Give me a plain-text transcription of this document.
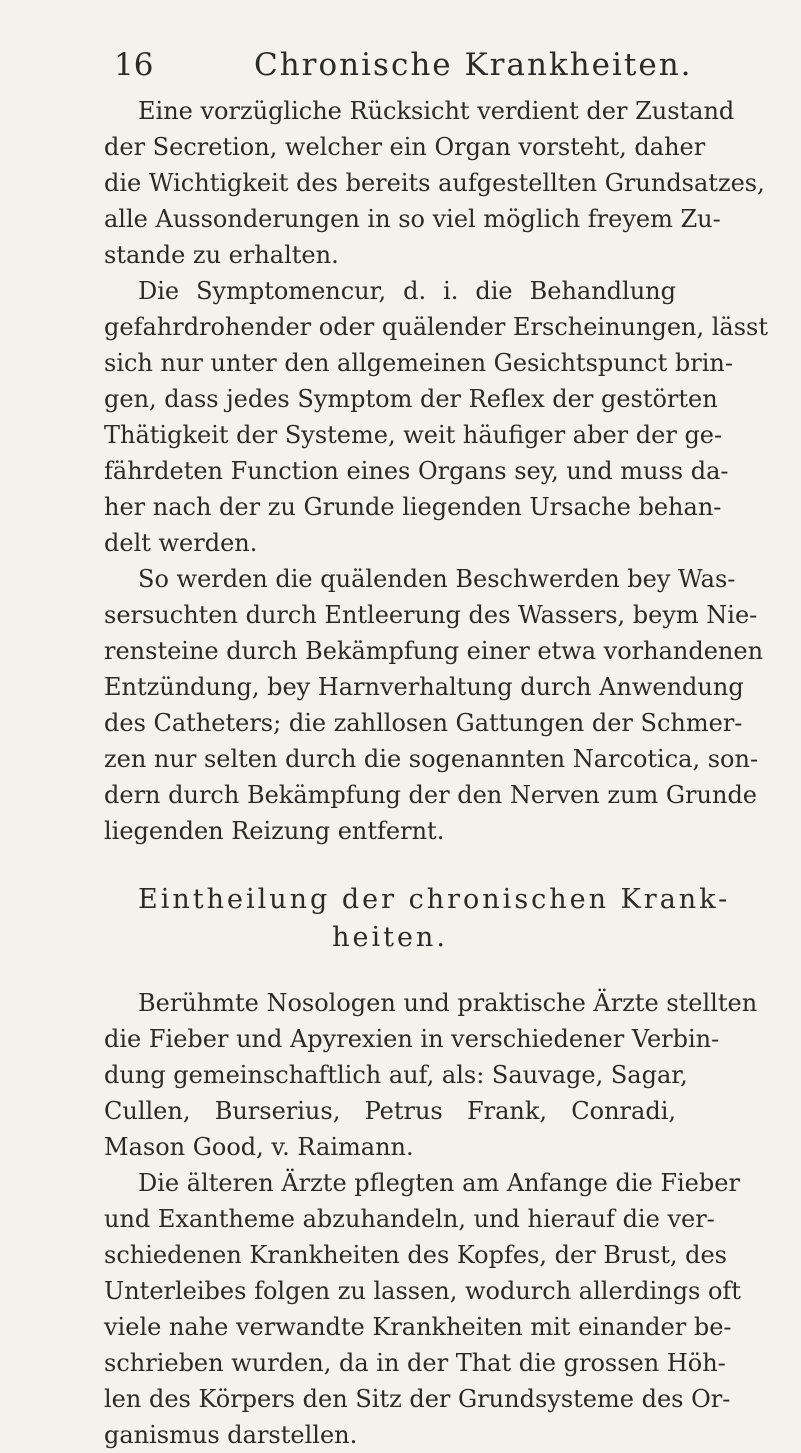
16	Chronische Krankheiten.
Eine vorzügliche Rücksicht verdient der Zustand
der Secretion, welcher ein Organ vorsteht, daher
die Wichtigkeit des bereits aufgestellten Grundsatzes,
alle Aussonderungen in so viel möglich freyem Zu-
stande zu erhalten.
Die Symptomencur, d. i. die Behandlung
gefahrdrohender oder quälender Erscheinungen, lässt
sich nur unter den allgemeinen Gesichtspunct brin-
gen, dass jedes Symptom der Reflex der gestörten
Thätigkeit der Systeme, weit häufiger aber der ge-
fährdeten Function eines Organs sey, und muss da-
her nach der zu Grunde liegenden Ursache behan-
delt werden.
So werden die quälenden Beschwerden bey Was-
sersuchten durch Entleerung des Wassers, beym Nie-
rensteine durch Bekämpfung einer etwa vorhandenen
Entzündung, bey Harnverhaltung durch Anwendung
des Catheters; die zahllosen Gattungen der Schmer-
zen nur selten durch die sogenannten Narcotica, son-
dern durch Bekämpfung der den Nerven zum Grunde
liegenden Reizung entfernt.
Eintheilung der chronischen Krank-
heiten.
Berühmte Nosologen und praktische Ärzte stellten
die Fieber und Apyrexien in verschiedener Verbin-
dung gemeinschaftlich auf, als: Sauvage, Sagar,
Cullen, Burserius, Petrus Frank, Conradi,
Mason Good, v. Raimann.
Die älteren Ärzte pflegten am Anfange die Fieber
und Exantheme abzuhandeln, und hierauf die ver-
schiedenen Krankheiten des Kopfes, der Brust, des
Unterleibes folgen zu lassen, wodurch allerdings oft
viele nahe verwandte Krankheiten mit einander be-
schrieben wurden, da in der That die grossen Höh-
len des Körpers den Sitz der Grundsysteme des Or-
ganismus darstellen.
